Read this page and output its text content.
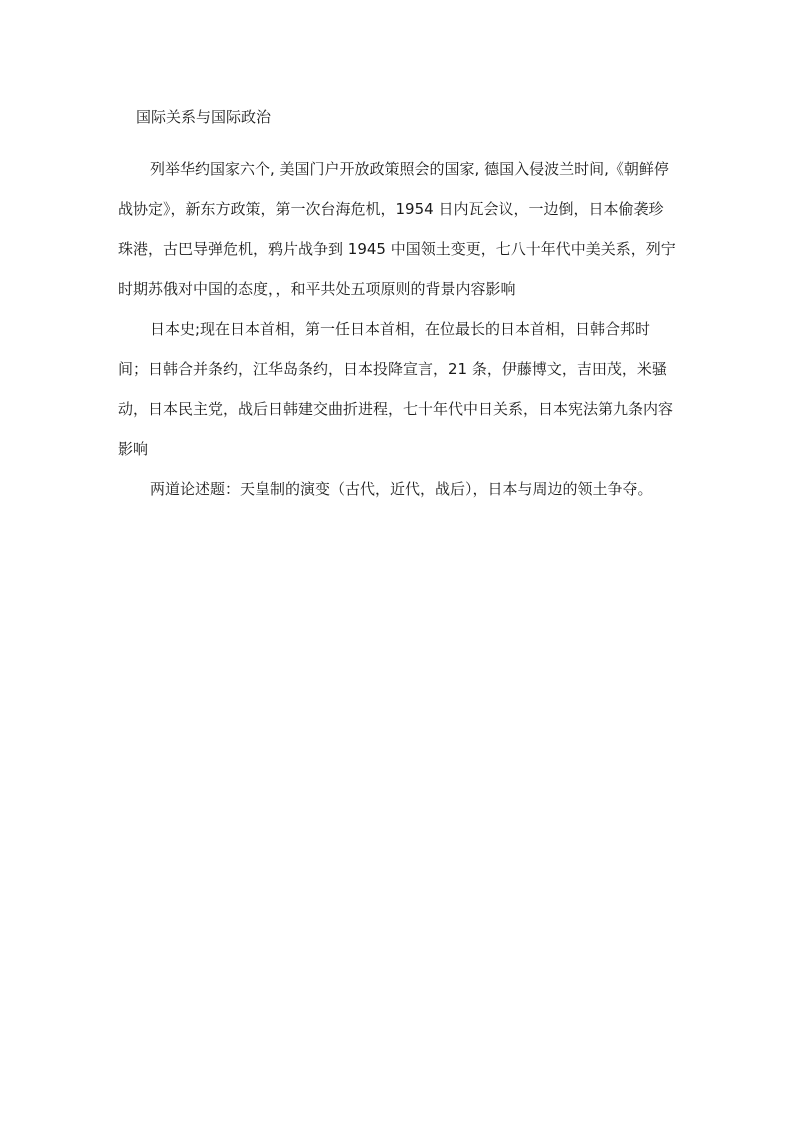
国际关系与国际政治

列举华约国家六个, 美国门户开放政策照会的国家, 德国入侵波兰时间,《朝鲜停战协定》，新东方政策，第一次台海危机，1954 日内瓦会议，一边倒，日本偷袭珍珠港，古巴导弹危机，鸦片战争到 1945 中国领土变更，七八十年代中美关系，列宁时期苏俄对中国的态度，，和平共处五项原则的背景内容影响

日本史;现在日本首相，第一任日本首相，在位最长的日本首相，日韩合邦时间；日韩合并条约，江华岛条约，日本投降宣言，21 条，伊藤博文，吉田茂，米骚动，日本民主党，战后日韩建交曲折进程，七十年代中日关系，日本宪法第九条内容影响

两道论述题：天皇制的演变（古代，近代，战后），日本与周边的领土争夺。
